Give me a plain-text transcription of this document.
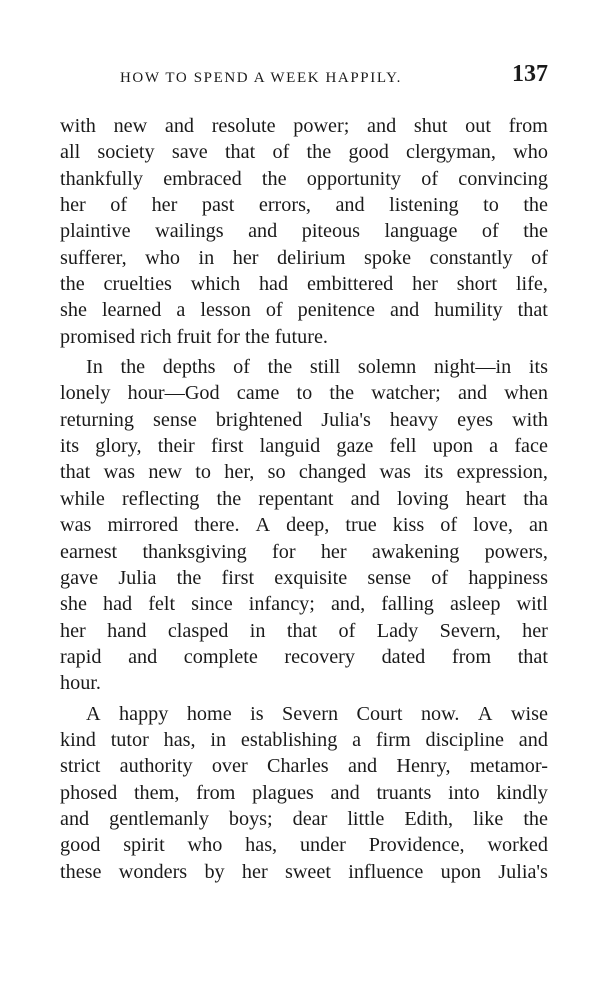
HOW TO SPEND A WEEK HAPPILY.	137
with new and resolute power; and shut out from
all society save that of the good clergyman, who
thankfully embraced the opportunity of convincing
her of her past errors, and listening to the
plaintive wailings and piteous language of the
sufferer, who in her delirium spoke constantly of
the cruelties which had embittered her short life,
she learned a lesson of penitence and humility that
promised rich fruit for the future.
In the depths of the still solemn night—in its
lonely hour—God came to the watcher; and when
returning sense brightened Julia's heavy eyes with
its glory, their first languid gaze fell upon a face
that was new to her, so changed was its expression,
while reflecting the repentant and loving heart tha
was mirrored there. A deep, true kiss of love, an
earnest thanksgiving for her awakening powers,
gave Julia the first exquisite sense of happiness
she had felt since infancy; and, falling asleep witl
her hand clasped in that of Lady Severn, her
rapid and complete recovery dated from that
hour.
A happy home is Severn Court now. A wise
kind tutor has, in establishing a firm discipline and
strict authority over Charles and Henry, metamor-
phosed them, from plagues and truants into kindly
and gentlemanly boys; dear little Edith, like the
good spirit who has, under Providence, worked
these wonders by her sweet influence upon Julia's
